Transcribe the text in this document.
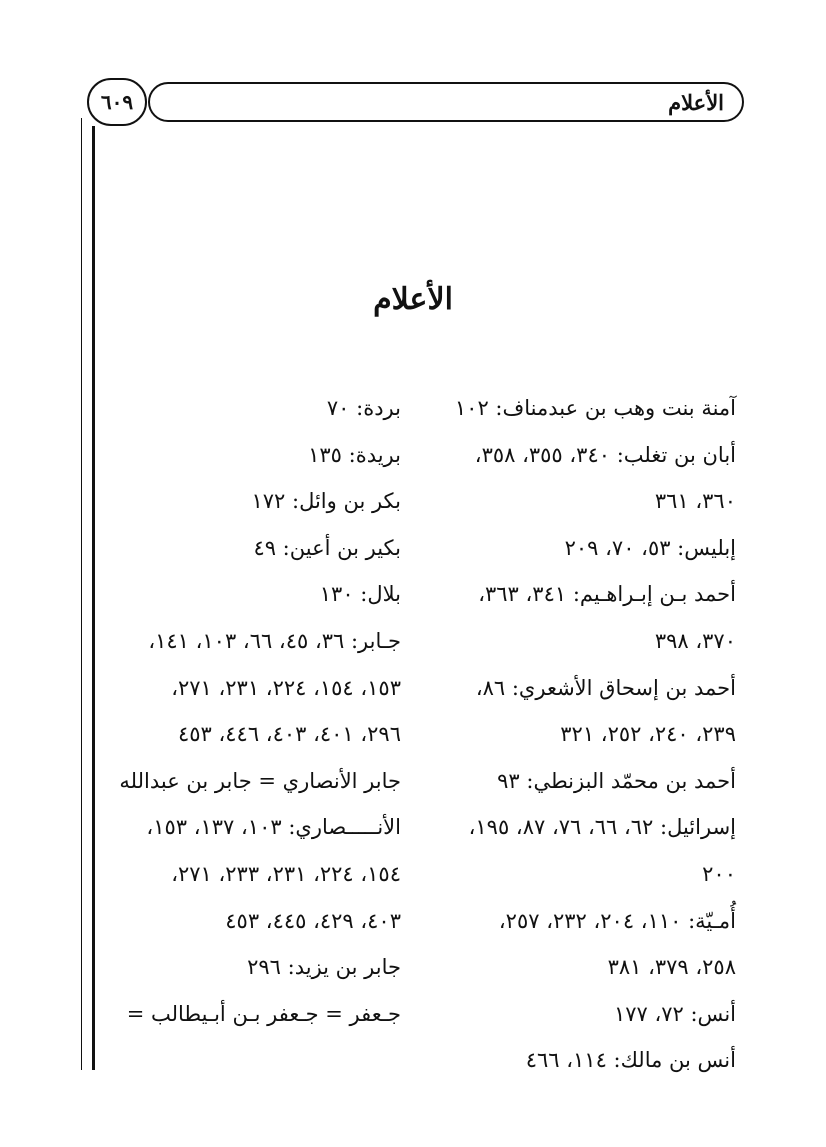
الأعلام
٦٠٩
الأعلام
آمنة بنت وهب بن عبدمناف: ١٠٢
أبان بن تغلب: ٣٤٠، ٣٥٥، ٣٥٨،
٣٦٠، ٣٦١
إبليس: ٥٣، ٧٠، ٢٠٩
أحمد بـن إبـراهـيم: ٣٤١، ٣٦٣،
٣٧٠، ٣٩٨
أحمد بن إسحاق الأشعري: ٨٦،
٢٣٩، ٢٤٠، ٢٥٢، ٣٢١
أحمد بن محمّد البزنطي: ٩٣
إسرائيل: ٦٢، ٦٦، ٧٦، ٨٧، ١٩٥،
٢٠٠
أُمـيّة: ١١٠، ٢٠٤، ٢٣٢، ٢٥٧،
٢٥٨، ٣٧٩، ٣٨١
أنس: ٧٢، ١٧٧
أنس بن مالك: ١١٤، ٤٦٦
بردة: ٧٠
بريدة: ١٣٥
بكر بن وائل: ١٧٢
بكير بن أعين: ٤٩
بلال: ١٣٠
جـابر: ٣٦، ٤٥، ٦٦، ١٠٣، ١٤١،
١٥٣، ١٥٤، ٢٢٤، ٢٣١، ٢٧١،
٢٩٦، ٤٠١، ٤٠٣، ٤٤٦، ٤٥٣
جابر الأنصاري = جابر بن عبدالله
الأنـــــصاري: ١٠٣، ١٣٧، ١٥٣،
١٥٤، ٢٢٤، ٢٣١، ٢٣٣، ٢٧١،
٤٠٣، ٤٢٩، ٤٤٥، ٤٥٣
جابر بن يزيد: ٢٩٦
جـعفر = جـعفر بـن أبـيطالب =
